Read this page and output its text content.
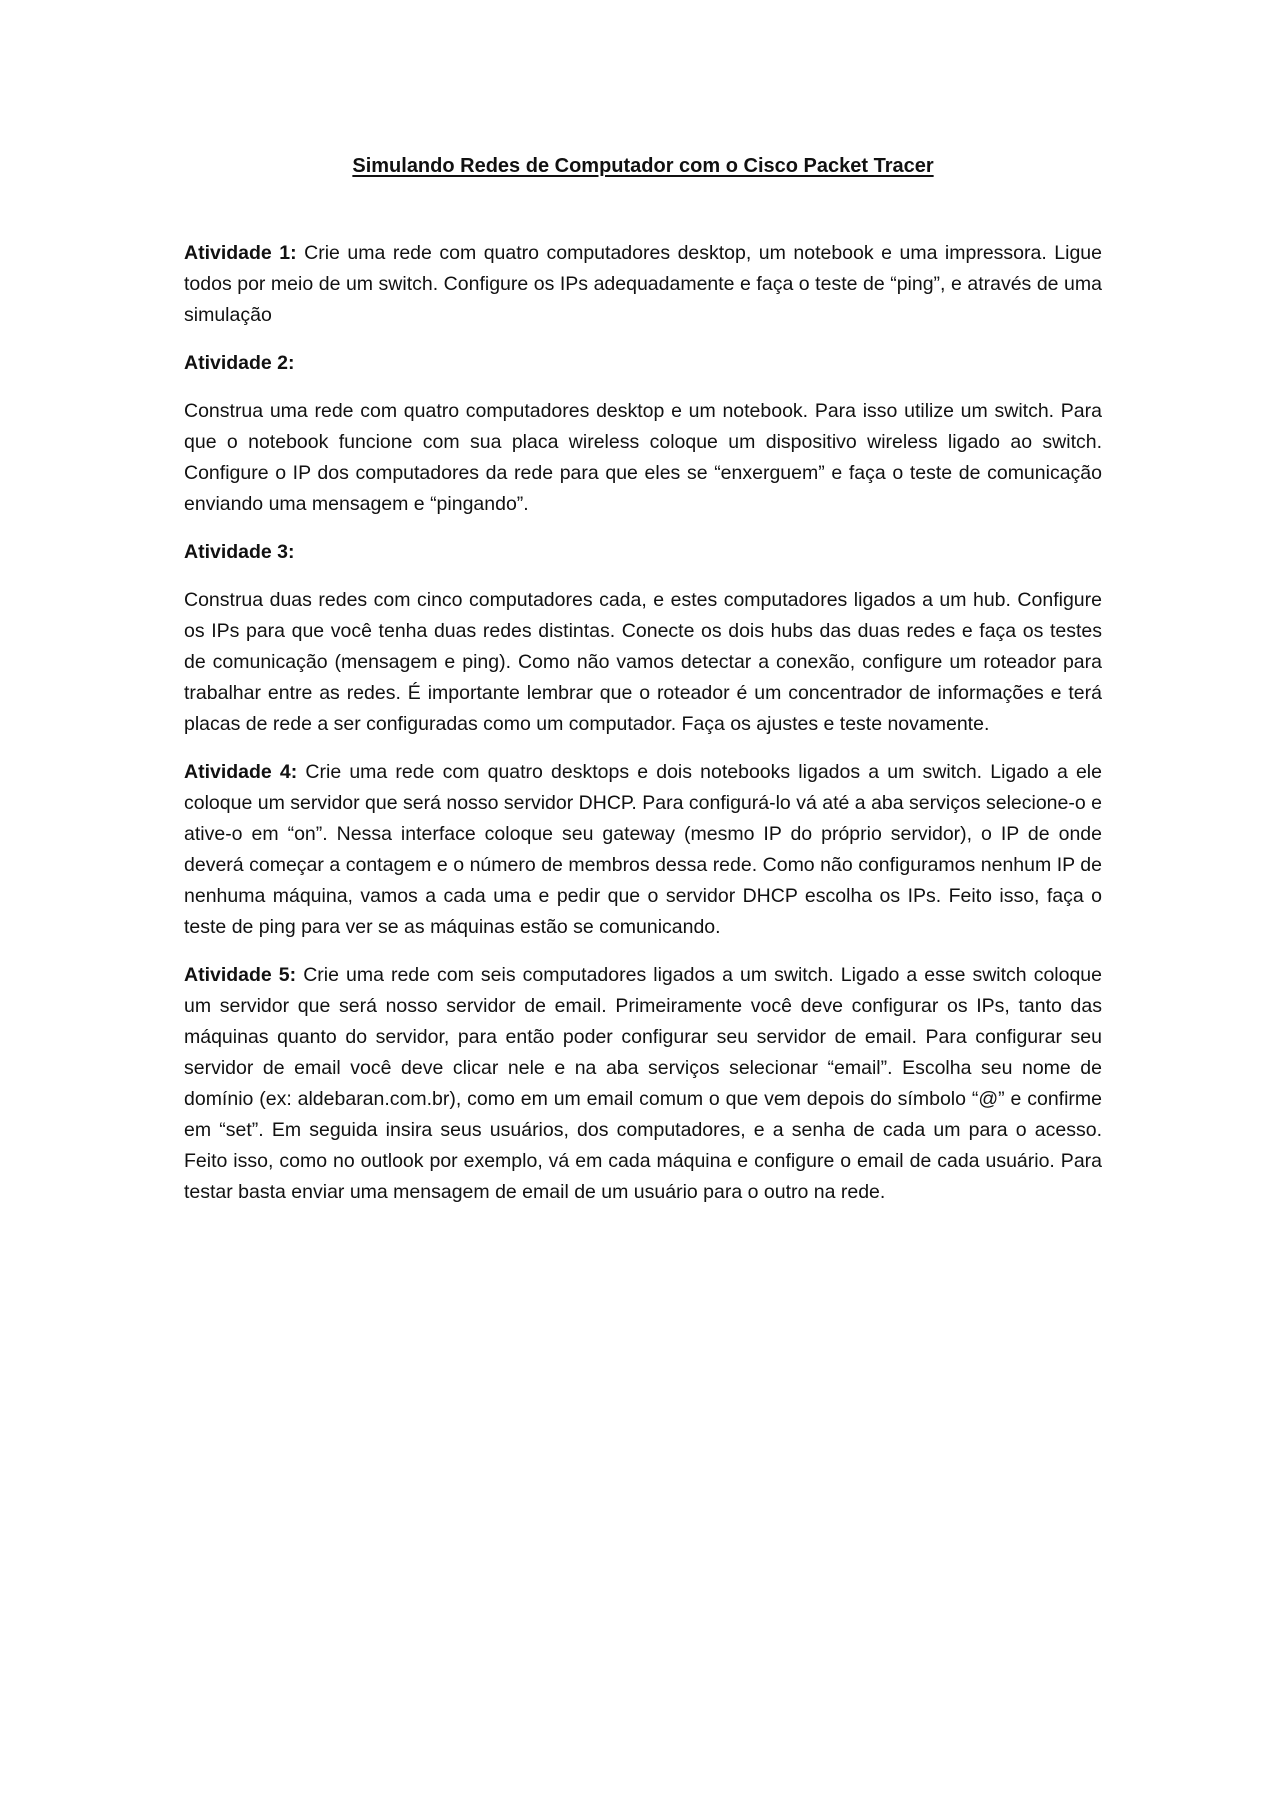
Simulando Redes de Computador com o Cisco Packet Tracer

Atividade 1: Crie uma rede com quatro computadores desktop, um notebook e uma impressora. Ligue todos por meio de um switch. Configure os IPs adequadamente e faça o teste de “ping”, e através de uma simulação

Atividade 2:

Construa uma rede com quatro computadores desktop e um notebook. Para isso utilize um switch. Para que o notebook funcione com sua placa wireless coloque um dispositivo wireless ligado ao switch. Configure o IP dos computadores da rede para que eles se “enxerguem” e faça o teste de comunicação enviando uma mensagem e “pingando”.

Atividade 3:

Construa duas redes com cinco computadores cada, e estes computadores ligados a um hub. Configure os IPs para que você tenha duas redes distintas. Conecte os dois hubs das duas redes e faça os testes de comunicação (mensagem e ping). Como não vamos detectar a conexão, configure um roteador para trabalhar entre as redes. É importante lembrar que o roteador é um concentrador de informações e terá placas de rede a ser configuradas como um computador. Faça os ajustes e teste novamente.

Atividade 4: Crie uma rede com quatro desktops e dois notebooks ligados a um switch. Ligado a ele coloque um servidor que será nosso servidor DHCP. Para configurá-lo vá até a aba serviços selecione-o e ative-o em “on”. Nessa interface coloque seu gateway (mesmo IP do próprio servidor), o IP de onde deverá começar a contagem e o número de membros dessa rede. Como não configuramos nenhum IP de nenhuma máquina, vamos a cada uma e pedir que o servidor DHCP escolha os IPs. Feito isso, faça o teste de ping para ver se as máquinas estão se comunicando.

Atividade 5: Crie uma rede com seis computadores ligados a um switch. Ligado a esse switch coloque um servidor que será nosso servidor de email. Primeiramente você deve configurar os IPs, tanto das máquinas quanto do servidor, para então poder configurar seu servidor de email. Para configurar seu servidor de email você deve clicar nele e na aba serviços selecionar “email”. Escolha seu nome de domínio (ex: aldebaran.com.br), como em um email comum o que vem depois do símbolo “@” e confirme em “set”. Em seguida insira seus usuários, dos computadores, e a senha de cada um para o acesso. Feito isso, como no outlook por exemplo, vá em cada máquina e configure o email de cada usuário. Para testar basta enviar uma mensagem de email de um usuário para o outro na rede.
